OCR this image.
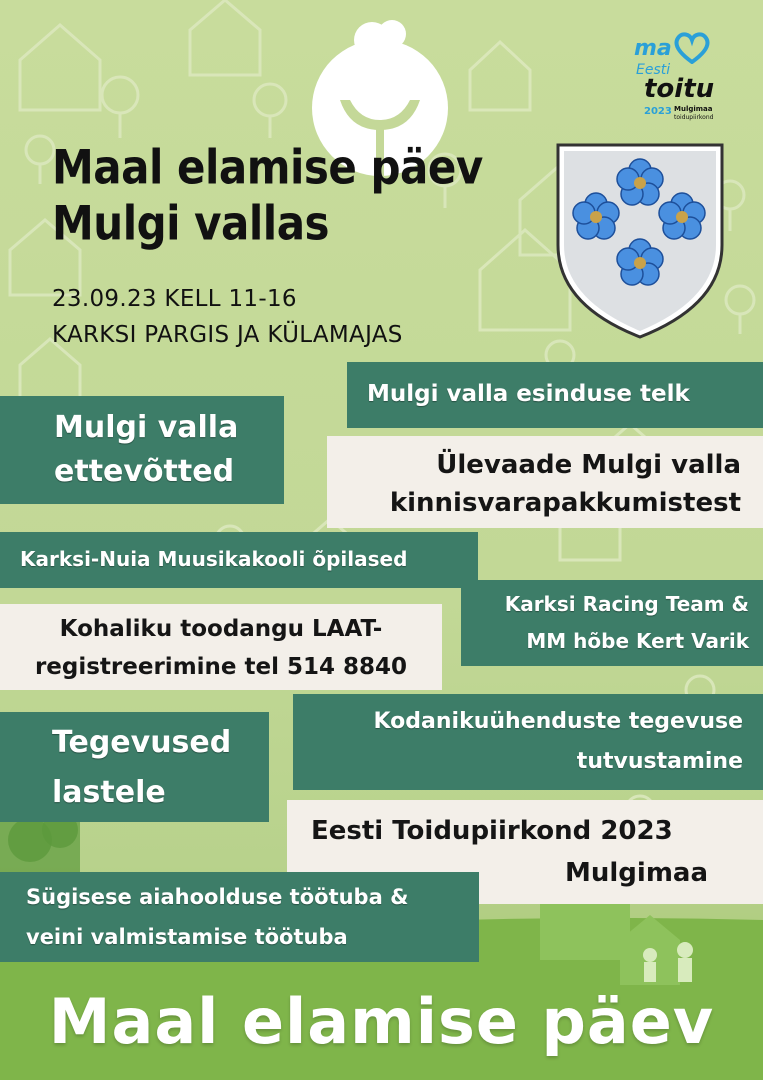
ma
Eesti
toitu
2023 Mulgimaa
toidupiirkond
Maal elamise päev
Mulgi vallas
23.09.23 KELL 11-16
KARKSI PARGIS JA KÜLAMAJAS
Mulgi valla esinduse telk
Mulgi valla
ettevõtted	Ülevaade Mulgi valla
kinnisvarapakkumistest
Karksi-Nuia Muusikakooli õpilased
Karksi Racing Team &
MM hõbe Kert Varik
Kohaliku toodangu LAAT-
registreerimine tel 514 8840
Kodanikuühenduste tegevuse
tutvustamine
Tegevused
lastele
Eesti Toidupiirkond 2023
Mulgimaa
Sügisese aiahoolduse töötuba &
veini valmistamise töötuba
Maal elamise päev
